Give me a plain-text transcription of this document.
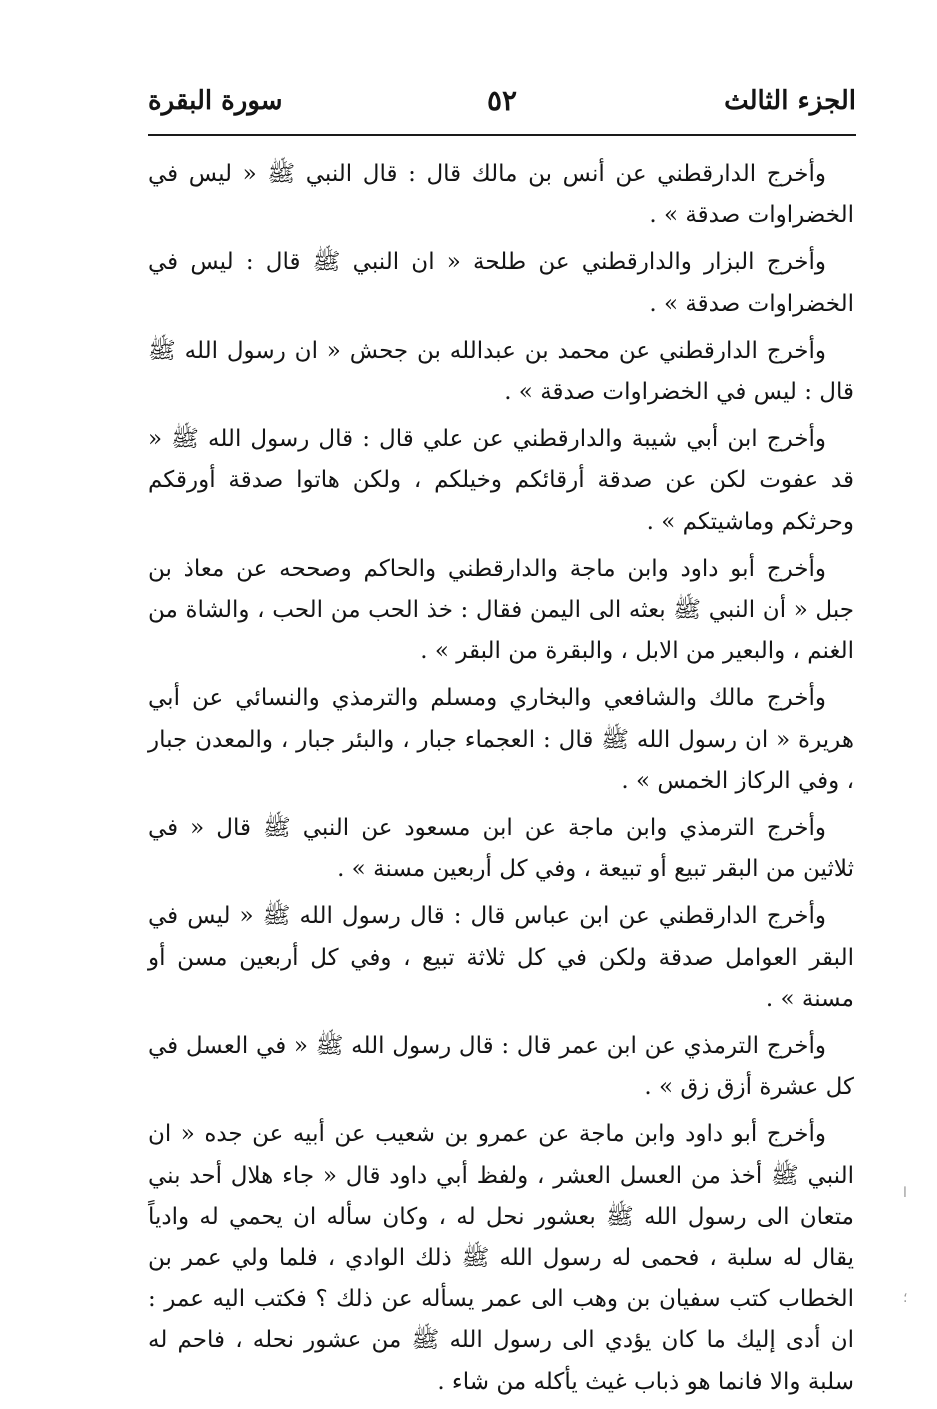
الجزء الثالث
٥٢
سورة البقرة

وأخرج الدارقطني عن أنس بن مالك قال : قال النبي ﷺ « ليس في الخضراوات صدقة » .

وأخرج البزار والدارقطني عن طلحة « ان النبي ﷺ قال : ليس في الخضراوات صدقة » .

وأخرج الدارقطني عن محمد بن عبدالله بن جحش « ان رسول الله ﷺ قال : ليس في الخضراوات صدقة » .

وأخرج ابن أبي شيبة والدارقطني عن علي قال : قال رسول الله ﷺ « قد عفوت لكن عن صدقة أرقائكم وخيلكم ، ولكن هاتوا صدقة أورقكم وحرثكم وماشيتكم » .

وأخرج أبو داود وابن ماجة والدارقطني والحاكم وصححه عن معاذ بن جبل « أن النبي ﷺ بعثه الى اليمن فقال : خذ الحب من الحب ، والشاة من الغنم ، والبعير من الابل ، والبقرة من البقر » .

وأخرج مالك والشافعي والبخاري ومسلم والترمذي والنسائي عن أبي هريرة « ان رسول الله ﷺ قال : العجماء جبار ، والبئر جبار ، والمعدن جبار ، وفي الركاز الخمس » .

وأخرج الترمذي وابن ماجة عن ابن مسعود عن النبي ﷺ قال « في ثلاثين من البقر تبيع أو تبيعة ، وفي كل أربعين مسنة » .

وأخرج الدارقطني عن ابن عباس قال : قال رسول الله ﷺ « ليس في البقر العوامل صدقة ولكن في كل ثلاثة تبيع ، وفي كل أربعين مسن أو مسنة » .

وأخرج الترمذي عن ابن عمر قال : قال رسول الله ﷺ « في العسل في كل عشرة أزق زق » .

وأخرج أبو داود وابن ماجة عن عمرو بن شعيب عن أبيه عن جده « ان النبي ﷺ أخذ من العسل العشر ، ولفظ أبي داود قال « جاء هلال أحد بني متعان الى رسول الله ﷺ بعشور نحل له ، وكان سأله ان يحمي له وادياً يقال له سلبة ، فحمى له رسول الله ﷺ ذلك الوادي ، فلما ولي عمر بن الخطاب كتب سفيان بن وهب الى عمر يسأله عن ذلك ؟ فكتب اليه عمر : ان أدى إليك ما كان يؤدي الى رسول الله ﷺ من عشور نحله ، فاحم له سلبة والا فانما هو ذباب غيث يأكله من شاء .

ا
؛
